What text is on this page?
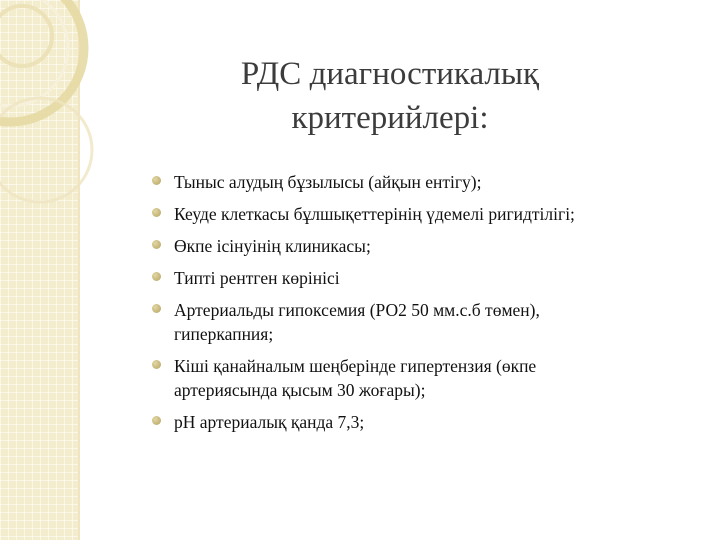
РДС диагностикалық
критерийлері:
Тыныс алудың бұзылысы (айқын ентігу);
Кеуде клеткасы бұлшықеттерінің үдемелі ригидтілігі;
Өкпе ісінуінің клиникасы;
Типті рентген көрінісі
Артериальды гипоксемия (РО2 50 мм.с.б төмен), гиперкапния;
Кіші қанайналым шеңберінде гипертензия (өкпе артериясында қысым 30 жоғары);
рН артериалық қанда 7,3;
